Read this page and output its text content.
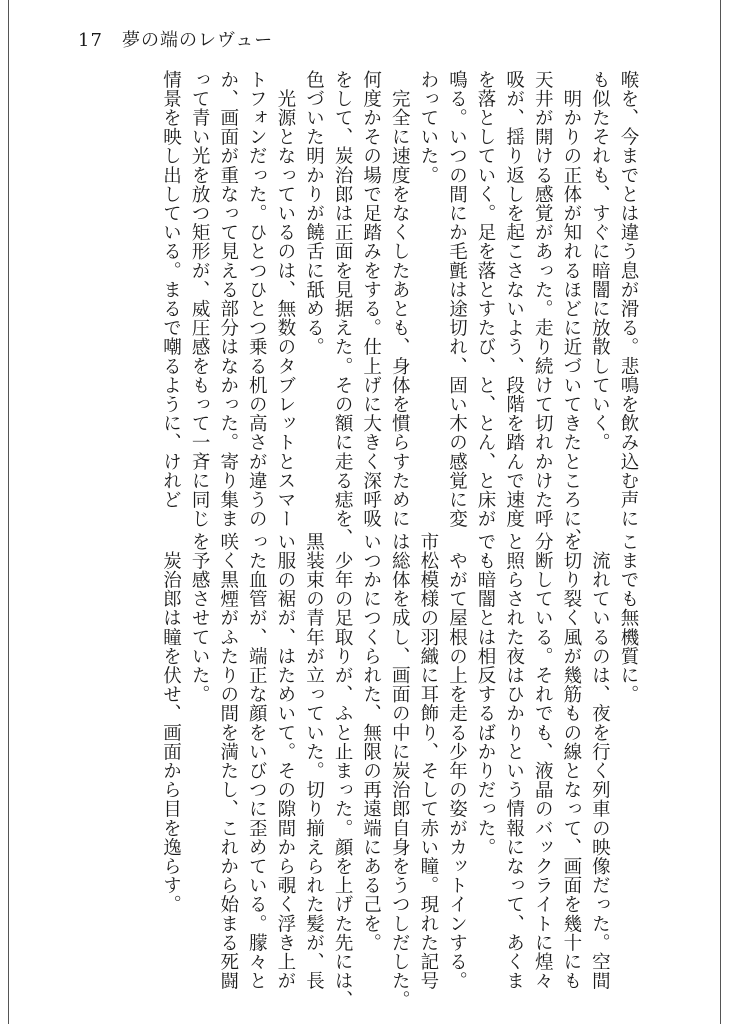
17 夢の端のレヴュー

喉を、今までとは違う息が滑る。悲鳴を飲み込む声に

も似たそれも、すぐに暗闇に放散していく。

　明かりの正体が知れるほどに近づいてきたところに、

天井が開ける感覚があった。走り続けて切れかけた呼

吸が、揺り返しを起こさないよう、段階を踏んで速度

を落としていく。足を落とすたび、と、とん、と床が

鳴る。いつの間にか毛氈は途切れ、固い木の感覚に変

わっていた。

　完全に速度をなくしたあとも、身体を慣らすために

何度かその場で足踏みをする。仕上げに大きく深呼吸

をして、炭治郎は正面を見据えた。その額に走る痣を、

色づいた明かりが饒舌に舐める。

　光源となっているのは、無数のタブレットとスマー

トフォンだった。ひとつひとつ乗る机の高さが違うの

か、画面が重なって見える部分はなかった。寄り集ま

って青い光を放つ矩形が、威圧感をもって一斉に同じ

情景を映し出している。まるで嘲るように、けれど

こまでも無機質に。

　流れているのは、夜を行く列車の映像だった。空間

を切り裂く風が幾筋もの線となって、画面を幾十にも

分断している。それでも、液晶のバックライトに煌々

と照らされた夜はひかりという情報になって、あくま

でも暗闇とは相反するばかりだった。

　やがて屋根の上を走る少年の姿がカットインする。

市松模様の羽織に耳飾り、そして赤い瞳。現れた記号

は総体を成し、画面の中に炭治郎自身をうつしだした。

いつかにつくられた、無限の再遠端にある己を。

　少年の足取りが、ふと止まった。顔を上げた先には、

黒装束の青年が立っていた。切り揃えられた髪が、長

い服の裾が、はためいて。その隙間から覗く浮き上が

った血管が、端正な顔をいびつに歪めている。朦々と

咲く黒煙がふたりの間を満たし、これから始まる死闘

を予感させていた。

　炭治郎は瞳を伏せ、画面から目を逸らす。
